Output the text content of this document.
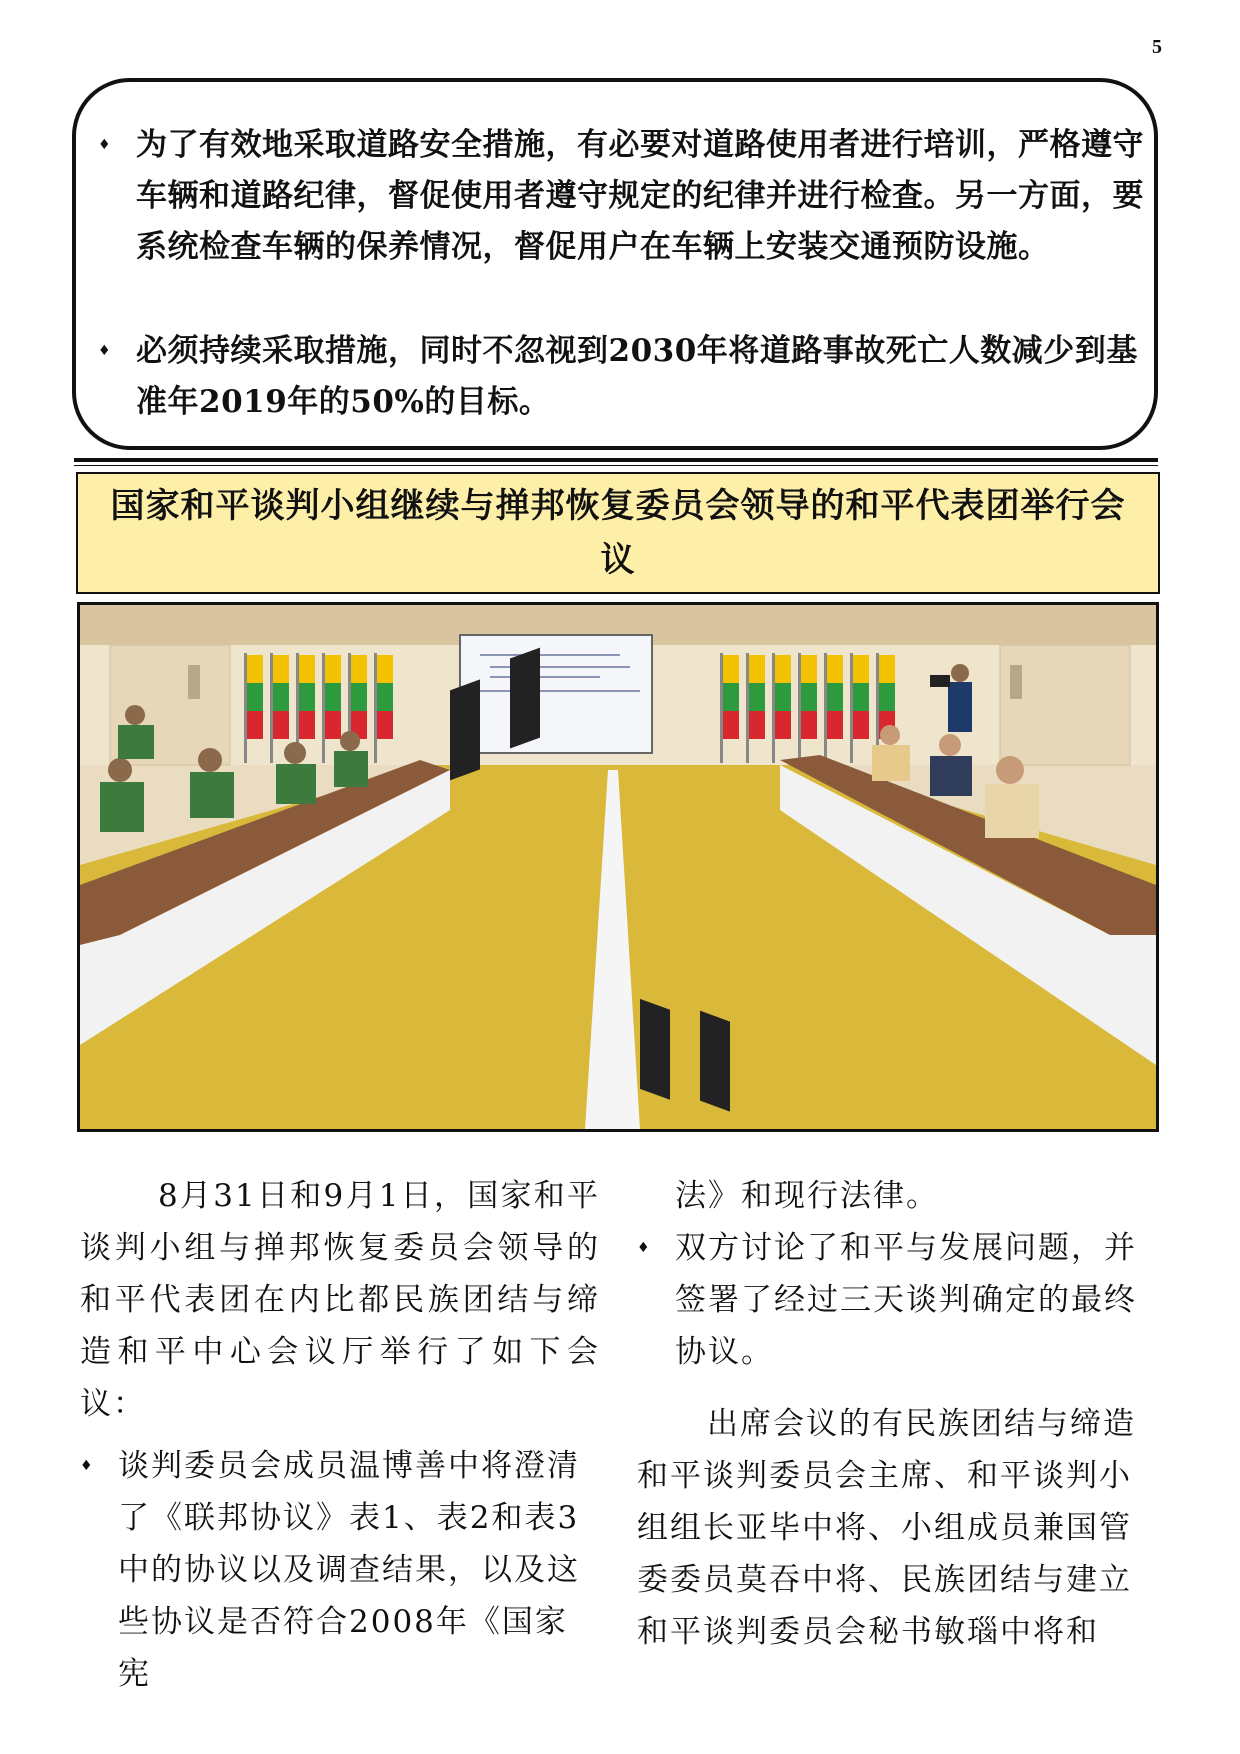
5
♦ 为了有效地采取道路安全措施，有必要对道路使用者进行培训，严格遵守车辆和道路纪律，督促使用者遵守规定的纪律并进行检查。另一方面，要系统检查车辆的保养情况，督促用户在车辆上安装交通预防设施。
♦ 必须持续采取措施，同时不忽视到2030年将道路事故死亡人数减少到基准年2019年的50%的目标。
国家和平谈判小组继续与掸邦恢复委员会领导的和平代表团举行会议

8月31日和9月1日，国家和平谈判小组与掸邦恢复委员会领导的和平代表团在内比都民族团结与缔造和平中心会议厅举行了如下会议：

♦ 谈判委员会成员温博善中将澄清了《联邦协议》表1、表2和表3中的协议以及调查结果，以及这些协议是否符合2008年《国家宪

法》和现行法律。

♦ 双方讨论了和平与发展问题，并签署了经过三天谈判确定的最终协议。

出席会议的有民族团结与缔造和平谈判委员会主席、和平谈判小组组长亚毕中将、小组成员兼国管委委员莫吞中将、民族团结与建立和平谈判委员会秘书敏瑙中将和
